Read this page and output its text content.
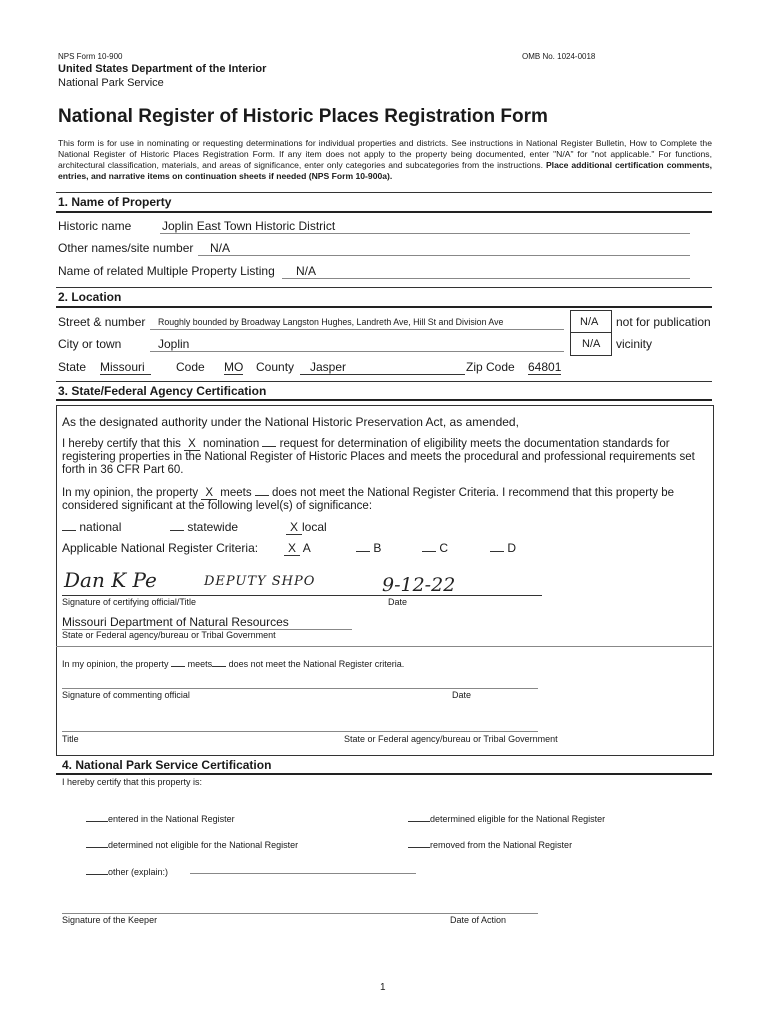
NPS Form 10-900	OMB No. 1024-0018
United States Department of the Interior
National Park Service
National Register of Historic Places Registration Form
This form is for use in nominating or requesting determinations for individual properties and districts. See instructions in National Register Bulletin, How to Complete the National Register of Historic Places Registration Form. If any item does not apply to the property being documented, enter "N/A" for "not applicable." For functions, architectural classification, materials, and areas of significance, enter only categories and subcategories from the instructions. Place additional certification comments, entries, and narrative items on continuation sheets if needed (NPS Form 10-900a).
1. Name of Property
Historic name	Joplin East Town Historic District
Other names/site number N/A
Name of related Multiple Property Listing N/A
2. Location
Street & number Roughly bounded by Broadway Langston Hughes, Landreth Ave, Hill St and Division Ave	N/A not for publication
City or town	Joplin	N/A vicinity
State Missouri	Code MO County	Jasper	Zip Code 64801
3. State/Federal Agency Certification
As the designated authority under the National Historic Preservation Act, as amended,
I hereby certify that this X nomination request for determination of eligibility meets the documentation standards for registering properties in the National Register of Historic Places and meets the procedural and professional requirements set forth in 36 CFR Part 60.
In my opinion, the property X meets does not meet the National Register Criteria. I recommend that this property be considered significant at the following level(s) of significance:
national	statewide	X local
Applicable National Register Criteria:	X A	B	C	D
Dan K Pe	DEPUTY SHPO	9-12-22
Signature of certifying official/Title	Date
Missouri Department of Natural Resources
State or Federal agency/bureau or Tribal Government
In my opinion, the property meets does not meet the National Register criteria.
Signature of commenting official	Date
Title	State or Federal agency/bureau or Tribal Government
4. National Park Service Certification
I hereby certify that this property is:
entered in the National Register	determined eligible for the National Register
determined not eligible for the National Register	removed from the National Register
other (explain:)
Signature of the Keeper	Date of Action
1
